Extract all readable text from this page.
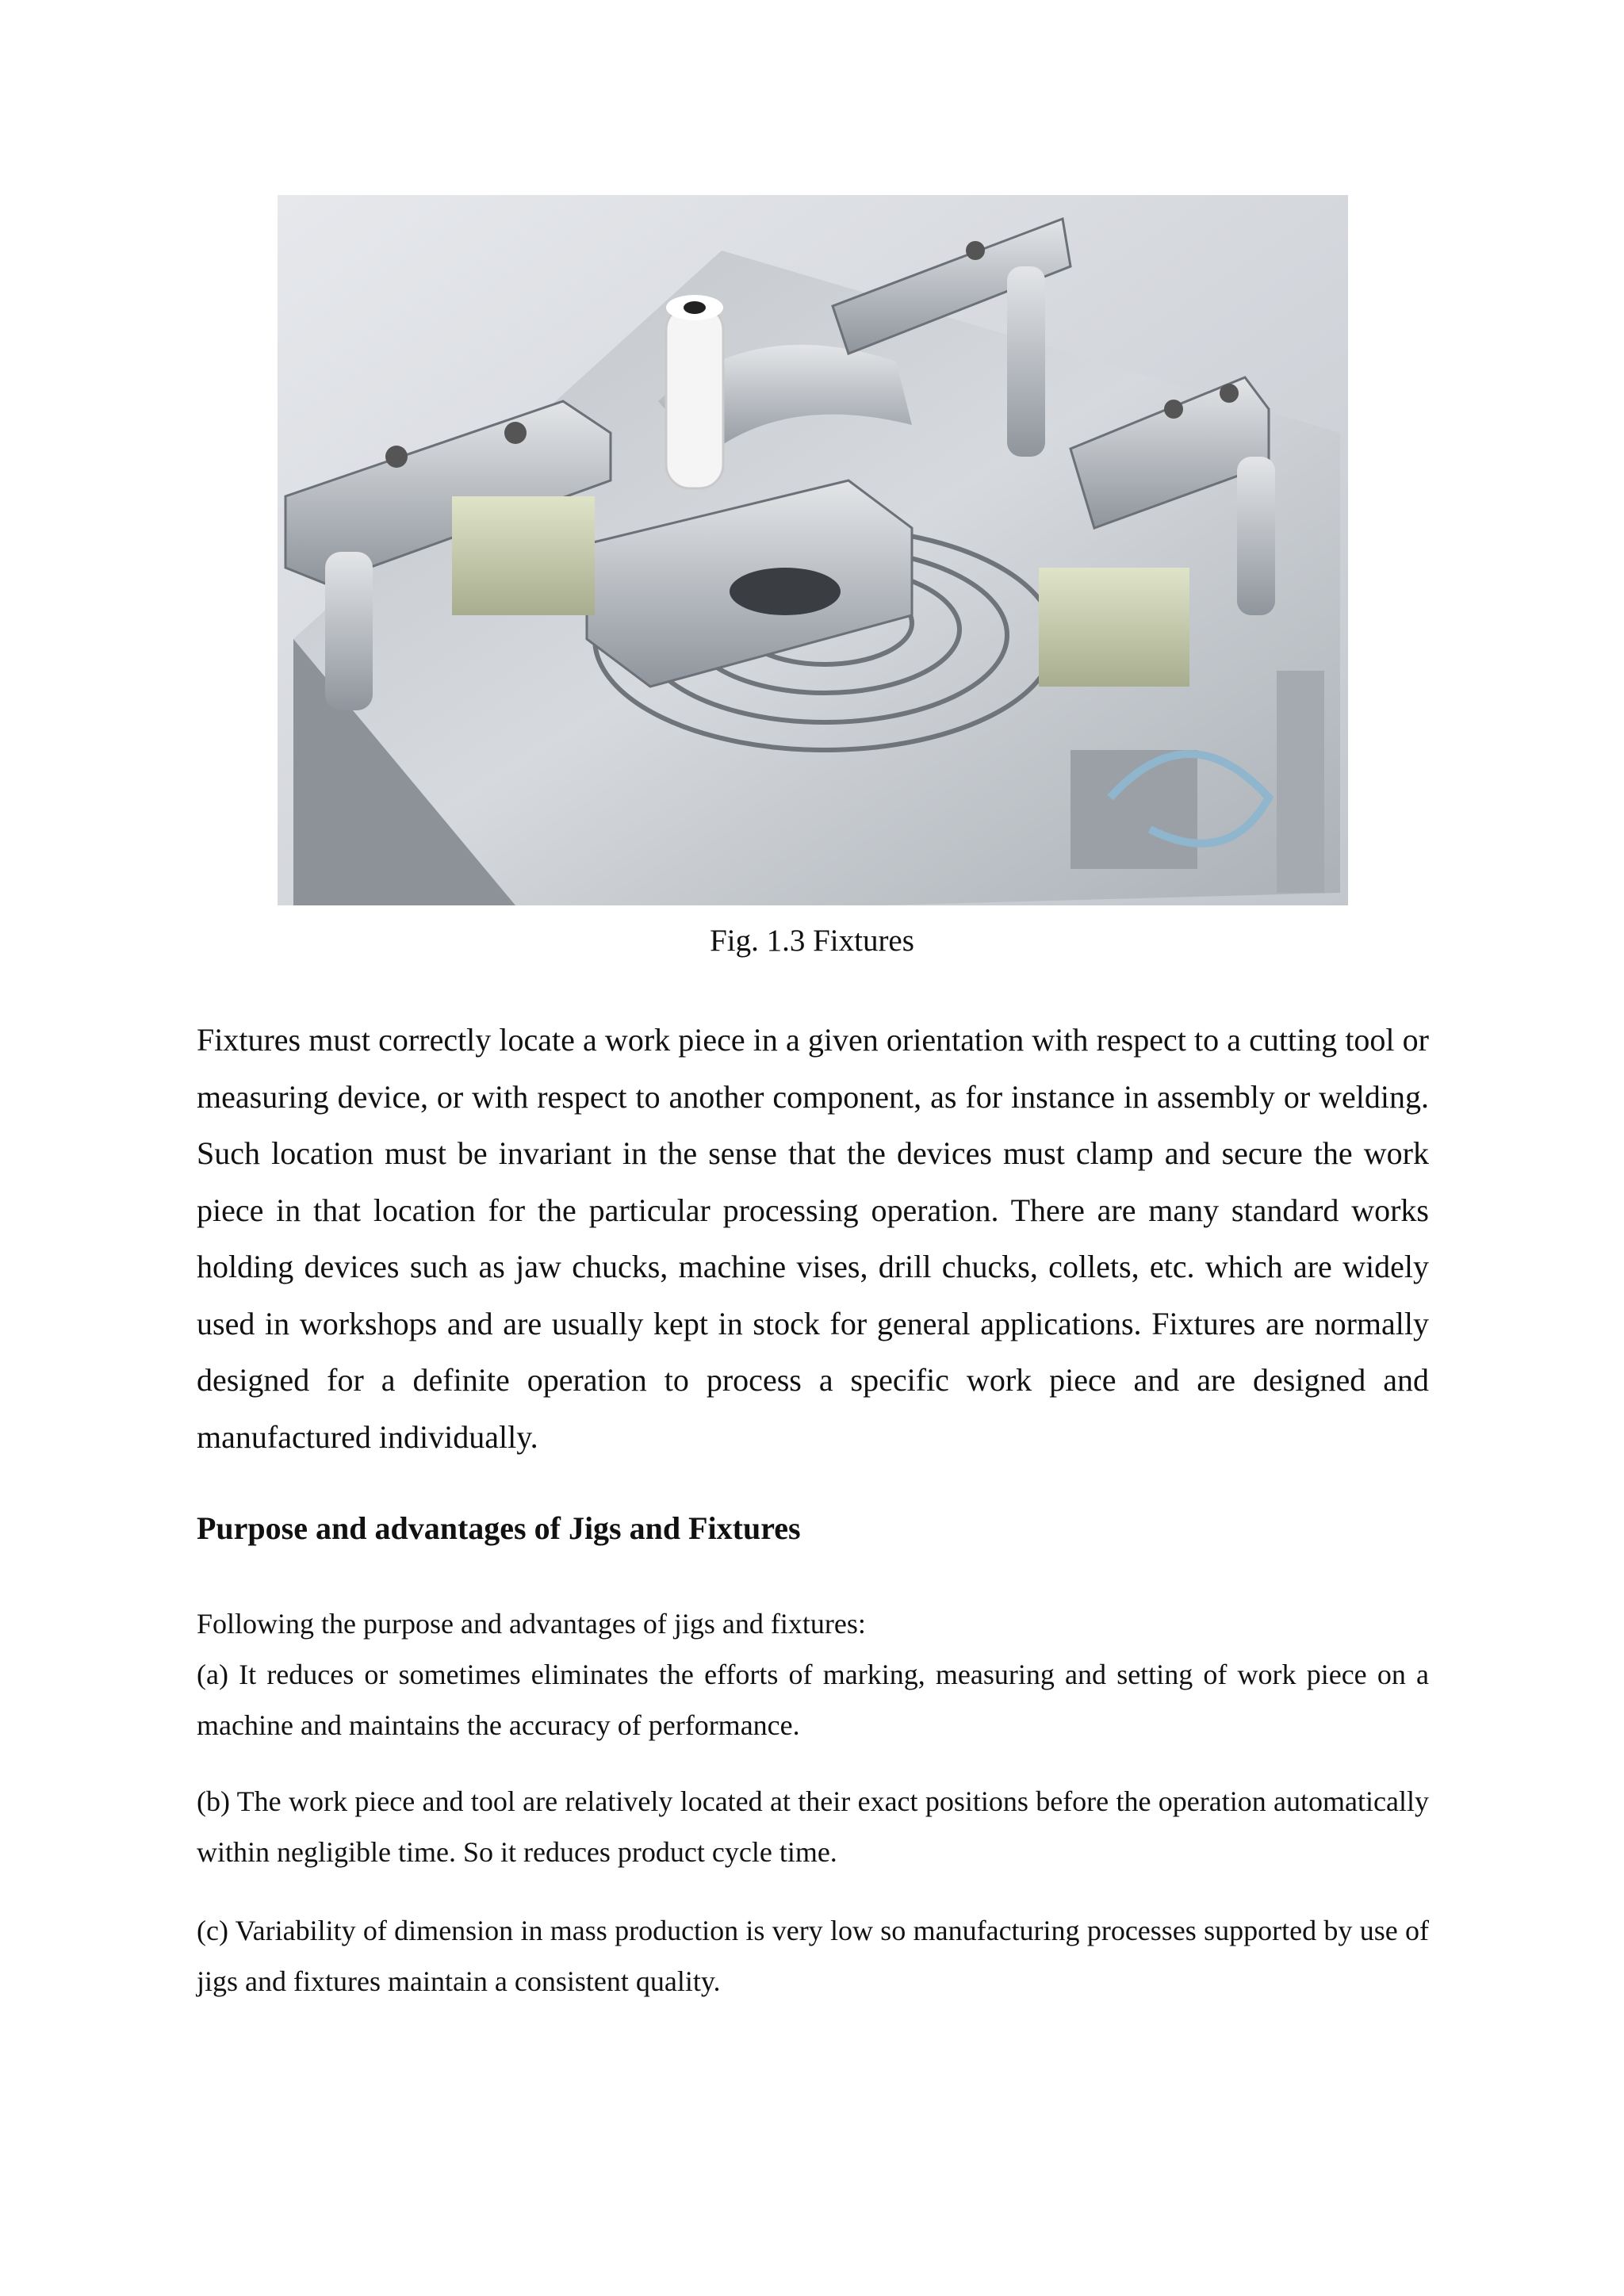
Fig. 1.3 Fixtures
Fixtures must correctly locate a work piece in a given orientation with respect to a cutting tool or measuring device, or with respect to another component, as for instance in assembly or welding. Such location must be invariant in the sense that the devices must clamp and secure the work piece in that location for the particular processing operation. There are many standard works holding devices such as jaw chucks, machine vises, drill chucks, collets, etc. which are widely used in workshops and are usually kept in stock for general applications. Fixtures are normally designed for a definite operation to process a specific work piece and are designed and manufactured individually.
Purpose and advantages of Jigs and Fixtures

Following the purpose and advantages of jigs and fixtures:

(a) It reduces or sometimes eliminates the efforts of marking, measuring and setting of work piece on a machine and maintains the accuracy of performance.

(b) The work piece and tool are relatively located at their exact positions before the operation automatically within negligible time. So it reduces product cycle time.

(c) Variability of dimension in mass production is very low so manufacturing processes supported by use of jigs and fixtures maintain a consistent quality.
